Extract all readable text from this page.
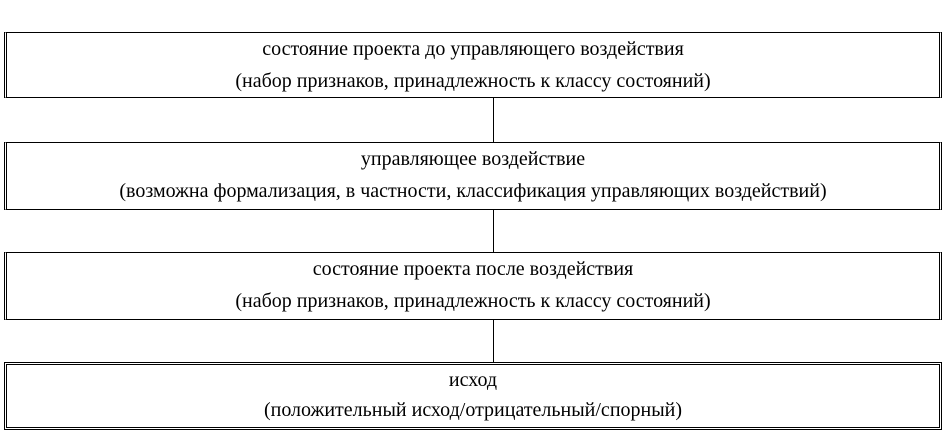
состояние проекта до управляющего воздействия
(набор признаков, принадлежность к классу состояний)
управляющее воздействие
(возможна формализация, в частности, классификация управляющих воздействий)
состояние проекта после воздействия
(набор признаков, принадлежность к классу состояний)
исход
(положительный исход/отрицательный/спорный)
